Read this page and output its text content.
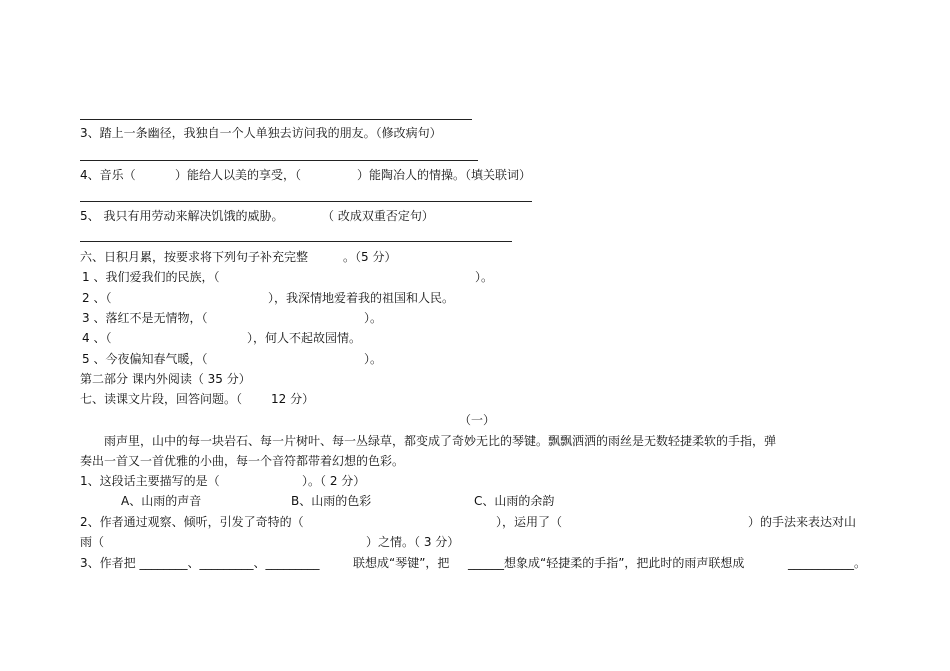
3、踏上一条幽径，我独自一个人单独去访问我的朋友。（修改病句）
4、音乐（	）能给人以美的享受，（	）能陶冶人的情操。（填关联词）
5、 我只有用劳动来解决饥饿的威胁。	（ 改成双重否定句）
六、日积月累，按要求将下列句子补充完整	。（5 分）
1 、我们爱我们的民族，（	）。
2 、（	），我深情地爱着我的祖国和人民。
3 、落红不是无情物，（	）。
4 、（	），何人不起故园情。
5 、今夜偏知春气暖，（	）。
第二部分 课内外阅读（ 35 分）
七、读课文片段，回答问题。（ 12 分）
（一）
雨声里，山中的每一块岩石、每一片树叶、每一丛绿草，都变成了奇妙无比的琴键。飘飘洒洒的雨丝是无数轻捷柔软的手指，弹
奏出一首又一首优雅的小曲，每一个音符都带着幻想的色彩。
1、这段话主要描写的是（	）。（ 2 分）
A、山雨的声音	B、山雨的色彩	C、山雨的余韵
2、作者通过观察、倾听，引发了奇特的（	），运用了（	）的手法来表达对山
雨（	）之情。（ 3 分）
3、作者把 ________、_________、_________	联想成“琴键”，把 ______想象成“轻捷柔的手指”，把此时的雨声联想成	___________。
